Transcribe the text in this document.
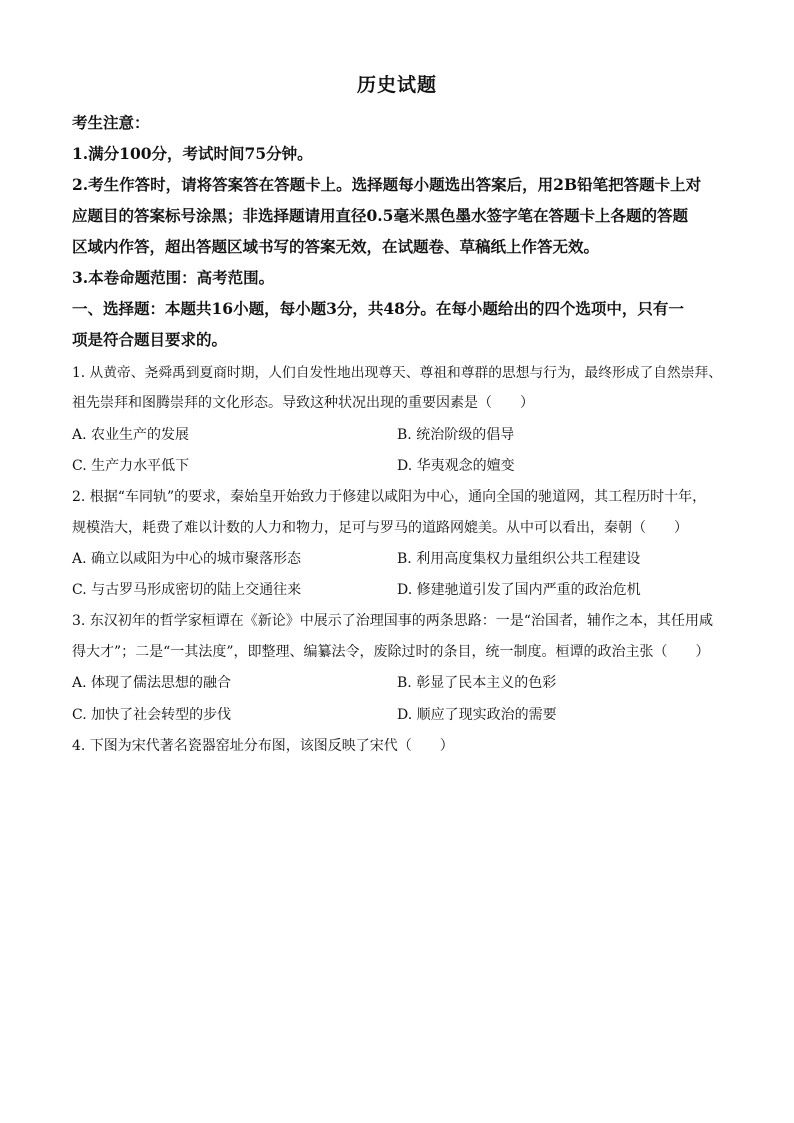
历史试题
考生注意：
1.满分100分，考试时间75分钟。
2.考生作答时，请将答案答在答题卡上。选择题每小题选出答案后，用2B铅笔把答题卡上对
应题目的答案标号涂黑；非选择题请用直径0.5毫米黑色墨水签字笔在答题卡上各题的答题
区域内作答，超出答题区域书写的答案无效，在试题卷、草稿纸上作答无效。
3.本卷命题范围：高考范围。
一、选择题：本题共16小题，每小题3分，共48分。在每小题给出的四个选项中，只有一
项是符合题目要求的。
1. 从黄帝、尧舜禹到夏商时期，人们自发性地出现尊天、尊祖和尊群的思想与行为，最终形成了自然崇拜、
祖先崇拜和图腾崇拜的文化形态。导致这种状况出现的重要因素是（　　）
A. 农业生产的发展	B. 统治阶级的倡导
C. 生产力水平低下	D. 华夷观念的嬗变
2. 根据“车同轨”的要求，秦始皇开始致力于修建以咸阳为中心，通向全国的驰道网，其工程历时十年，
规模浩大，耗费了难以计数的人力和物力，足可与罗马的道路网媲美。从中可以看出，秦朝（　　）
A. 确立以咸阳为中心的城市聚落形态	B. 利用高度集权力量组织公共工程建设
C. 与古罗马形成密切的陆上交通往来	D. 修建驰道引发了国内严重的政治危机
3. 东汉初年的哲学家桓谭在《新论》中展示了治理国事的两条思路：一是“治国者，辅作之本，其任用咸
得大才”；二是“一其法度”，即整理、编纂法令，废除过时的条目，统一制度。桓谭的政治主张（　　）
A. 体现了儒法思想的融合	B. 彰显了民本主义的色彩
C. 加快了社会转型的步伐	D. 顺应了现实政治的需要
4. 下图为宋代著名瓷器窑址分布图，该图反映了宋代（　　）
